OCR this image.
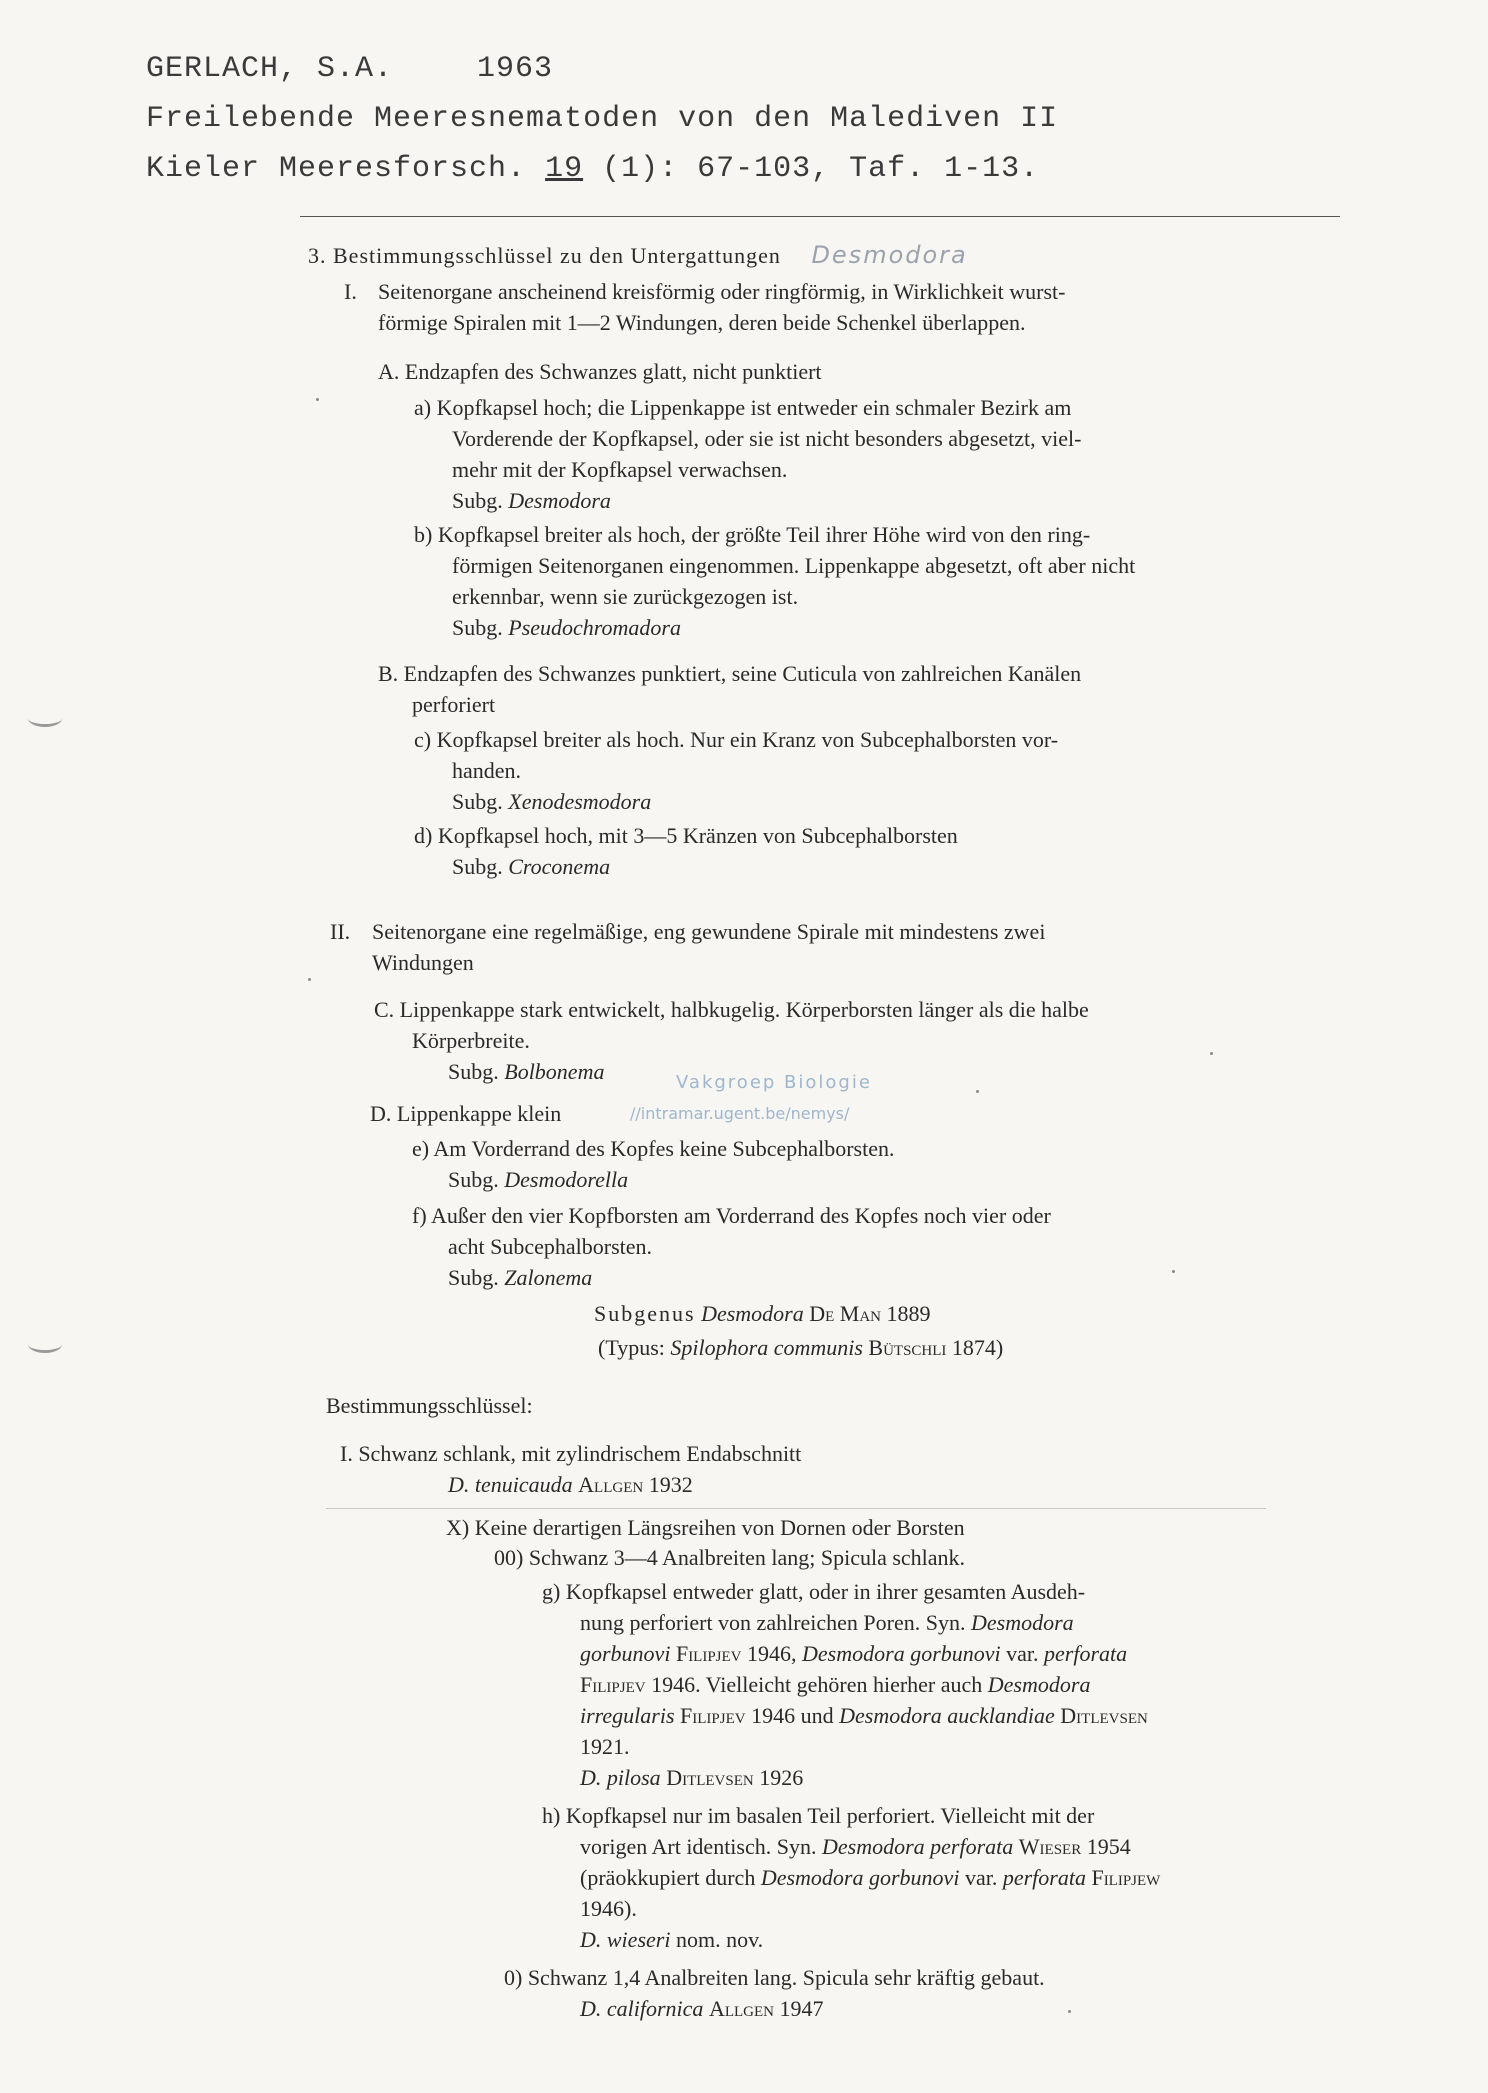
GERLACH, S.A.	1963
Freilebende Meeresnematoden von den Malediven II
Kieler Meeresforsch. 19 (1): 67-103, Taf. 1-13.
3. Bestimmungsschlüssel zu den Untergattungen Desmodora
I. Seitenorgane anscheinend kreisförmig oder ringförmig, in Wirklichkeit wurst-
förmige Spiralen mit 1—2 Windungen, deren beide Schenkel überlappen.
A. Endzapfen des Schwanzes glatt, nicht punktiert
a) Kopfkapsel hoch; die Lippenkappe ist entweder ein schmaler Bezirk am
Vorderende der Kopfkapsel, oder sie ist nicht besonders abgesetzt, viel-
mehr mit der Kopfkapsel verwachsen.
Subg. Desmodora
b) Kopfkapsel breiter als hoch, der größte Teil ihrer Höhe wird von den ring-
förmigen Seitenorganen eingenommen. Lippenkappe abgesetzt, oft aber nicht
erkennbar, wenn sie zurückgezogen ist.
Subg. Pseudochromadora
B. Endzapfen des Schwanzes punktiert, seine Cuticula von zahlreichen Kanälen
perforiert
c) Kopfkapsel breiter als hoch. Nur ein Kranz von Subcephalborsten vor-
handen.
Subg. Xenodesmodora
d) Kopfkapsel hoch, mit 3—5 Kränzen von Subcephalborsten
Subg. Croconema
II. Seitenorgane eine regelmäßige, eng gewundene Spirale mit mindestens zwei
Windungen
C. Lippenkappe stark entwickelt, halbkugelig. Körperborsten länger als die halbe
Körperbreite.
Subg. Bolbonema	Vakgroep Biologie
D. Lippenkappe klein	//intramar.ugent.be/nemys/
e) Am Vorderrand des Kopfes keine Subcephalborsten.
Subg. Desmodorella
f) Außer den vier Kopfborsten am Vorderrand des Kopfes noch vier oder
acht Subcephalborsten.
Subg. Zalonema
Subgenus Desmodora De Man 1889
(Typus: Spilophora communis Bütschli 1874)
Bestimmungsschlüssel:
I. Schwanz schlank, mit zylindrischem Endabschnitt
D. tenuicauda Allgen 1932
X) Keine derartigen Längsreihen von Dornen oder Borsten
00) Schwanz 3—4 Analbreiten lang; Spicula schlank.
g) Kopfkapsel entweder glatt, oder in ihrer gesamten Ausdeh-
nung perforiert von zahlreichen Poren. Syn. Desmodora
gorbunovi Filipjev 1946, Desmodora gorbunovi var. perforata
Filipjev 1946. Vielleicht gehören hierher auch Desmodora
irregularis Filipjev 1946 und Desmodora aucklandiae Ditlevsen
1921.
D. pilosa Ditlevsen 1926
h) Kopfkapsel nur im basalen Teil perforiert. Vielleicht mit der
vorigen Art identisch. Syn. Desmodora perforata Wieser 1954
(präokkupiert durch Desmodora gorbunovi var. perforata Filipjew
1946).
D. wieseri nom. nov.
0) Schwanz 1,4 Analbreiten lang. Spicula sehr kräftig gebaut.
D. californica Allgen 1947
